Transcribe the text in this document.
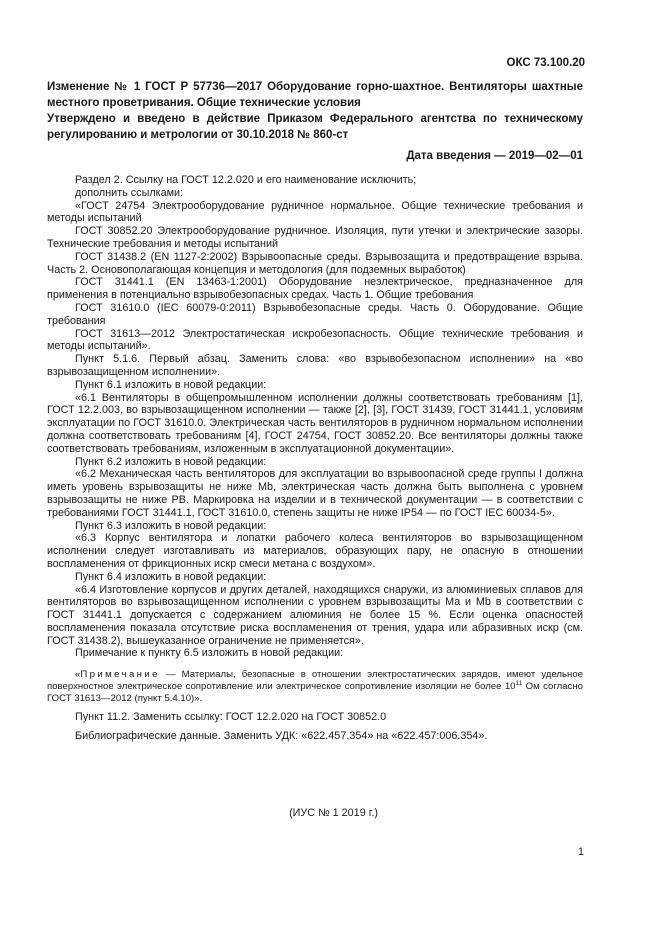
ОКС 73.100.20
Изменение № 1 ГОСТ Р 57736—2017 Оборудование горно-шахтное. Вентиляторы шахтные местного проветривания. Общие технические условия
Утверждено и введено в действие Приказом Федерального агентства по техническому регулированию и метрологии от 30.10.2018 № 860-ст
Дата введения — 2019—02—01

Раздел 2. Ссылку на ГОСТ 12.2.020 и его наименование исключить;

дополнить ссылками:

«ГОСТ 24754 Электрооборудование рудничное нормальное. Общие технические требования и методы испытаний

ГОСТ 30852.20 Электрооборудование рудничное. Изоляция, пути утечки и электрические зазоры. Технические требования и методы испытаний

ГОСТ 31438.2 (EN 1127-2:2002) Взрывоопасные среды. Взрывозащита и предотвращение взрыва. Часть 2. Основополагающая концепция и методология (для подземных выработок)

ГОСТ 31441.1 (EN 13463-1:2001) Оборудование неэлектрическое, предназначенное для применения в потенциально взрывобезопасных средах. Часть 1. Общие требования

ГОСТ 31610.0 (IEC 60079-0:2011) Взрывобезопасные среды. Часть 0. Оборудование. Общие требования

ГОСТ 31613—2012 Электростатическая искробезопасность. Общие технические требования и методы испытаний».

Пункт 5.1.6. Первый абзац. Заменить слова: «во взрывобезопасном исполнении» на «во взрывозащищенном исполнении».

Пункт 6.1 изложить в новой редакции:

«6.1 Вентиляторы в общепромышленном исполнении должны соответствовать требованиям [1], ГОСТ 12.2.003, во взрывозащищенном исполнении — также [2], [3], ГОСТ 31439, ГОСТ 31441.1, условиям эксплуатации по ГОСТ 31610.0. Электрическая часть вентиляторов в рудничном нормальном исполнении должна соответствовать требованиям [4], ГОСТ 24754, ГОСТ 30852.20. Все вентиляторы должны также соответствовать требованиям, изложенным в эксплуатационной документации».

Пункт 6.2 изложить в новой редакции:

«6.2 Механическая часть вентиляторов для эксплуатации во взрывоопасной среде группы I должна иметь уровень взрывозащиты не ниже Mb, электрическая часть должна быть выполнена с уровнем взрывозащиты не ниже PB. Маркировка на изделии и в технической документации — в соответствии с требованиями ГОСТ 31441.1, ГОСТ 31610.0, степень защиты не ниже IP54 — по ГОСТ IEC 60034-5».

Пункт 6.3 изложить в новой редакции:

«6.3 Корпус вентилятора и лопатки рабочего колеса вентиляторов во взрывозащищенном исполнении следует изготавливать из материалов, образующих пару, не опасную в отношении воспламенения от фрикционных искр смеси метана с воздухом».

Пункт 6.4 изложить в новой редакции:

«6.4 Изготовление корпусов и других деталей, находящихся снаружи, из алюминиевых сплавов для вентиляторов во взрывозащищенном исполнении с уровнем взрывозащиты Ма и Mb в соответствии с ГОСТ 31441.1 допускается с содержанием алюминия не более 15 %. Если оценка опасностей воспламенения показала отсутствие риска воспламенения от трения, удара или абразивных искр (см. ГОСТ 31438.2), вышеуказанное ограничение не применяется».

Примечание к пункту 6.5 изложить в новой редакции:

«Примечание — Материалы, безопасные в отношении электростатических зарядов, имеют удельное поверхностное электрическое сопротивление или электрическое сопротивление изоляции не более $10^{11}$ Ом согласно ГОСТ 31613—2012 (пункт 5.4.10)».

Пункт 11.2. Заменить ссылку: ГОСТ 12.2.020 на ГОСТ 30852.0

Библиографические данные. Заменить УДК: «622.457.354» на «622.457:006.354».

(ИУС № 1 2019 г.)
1
